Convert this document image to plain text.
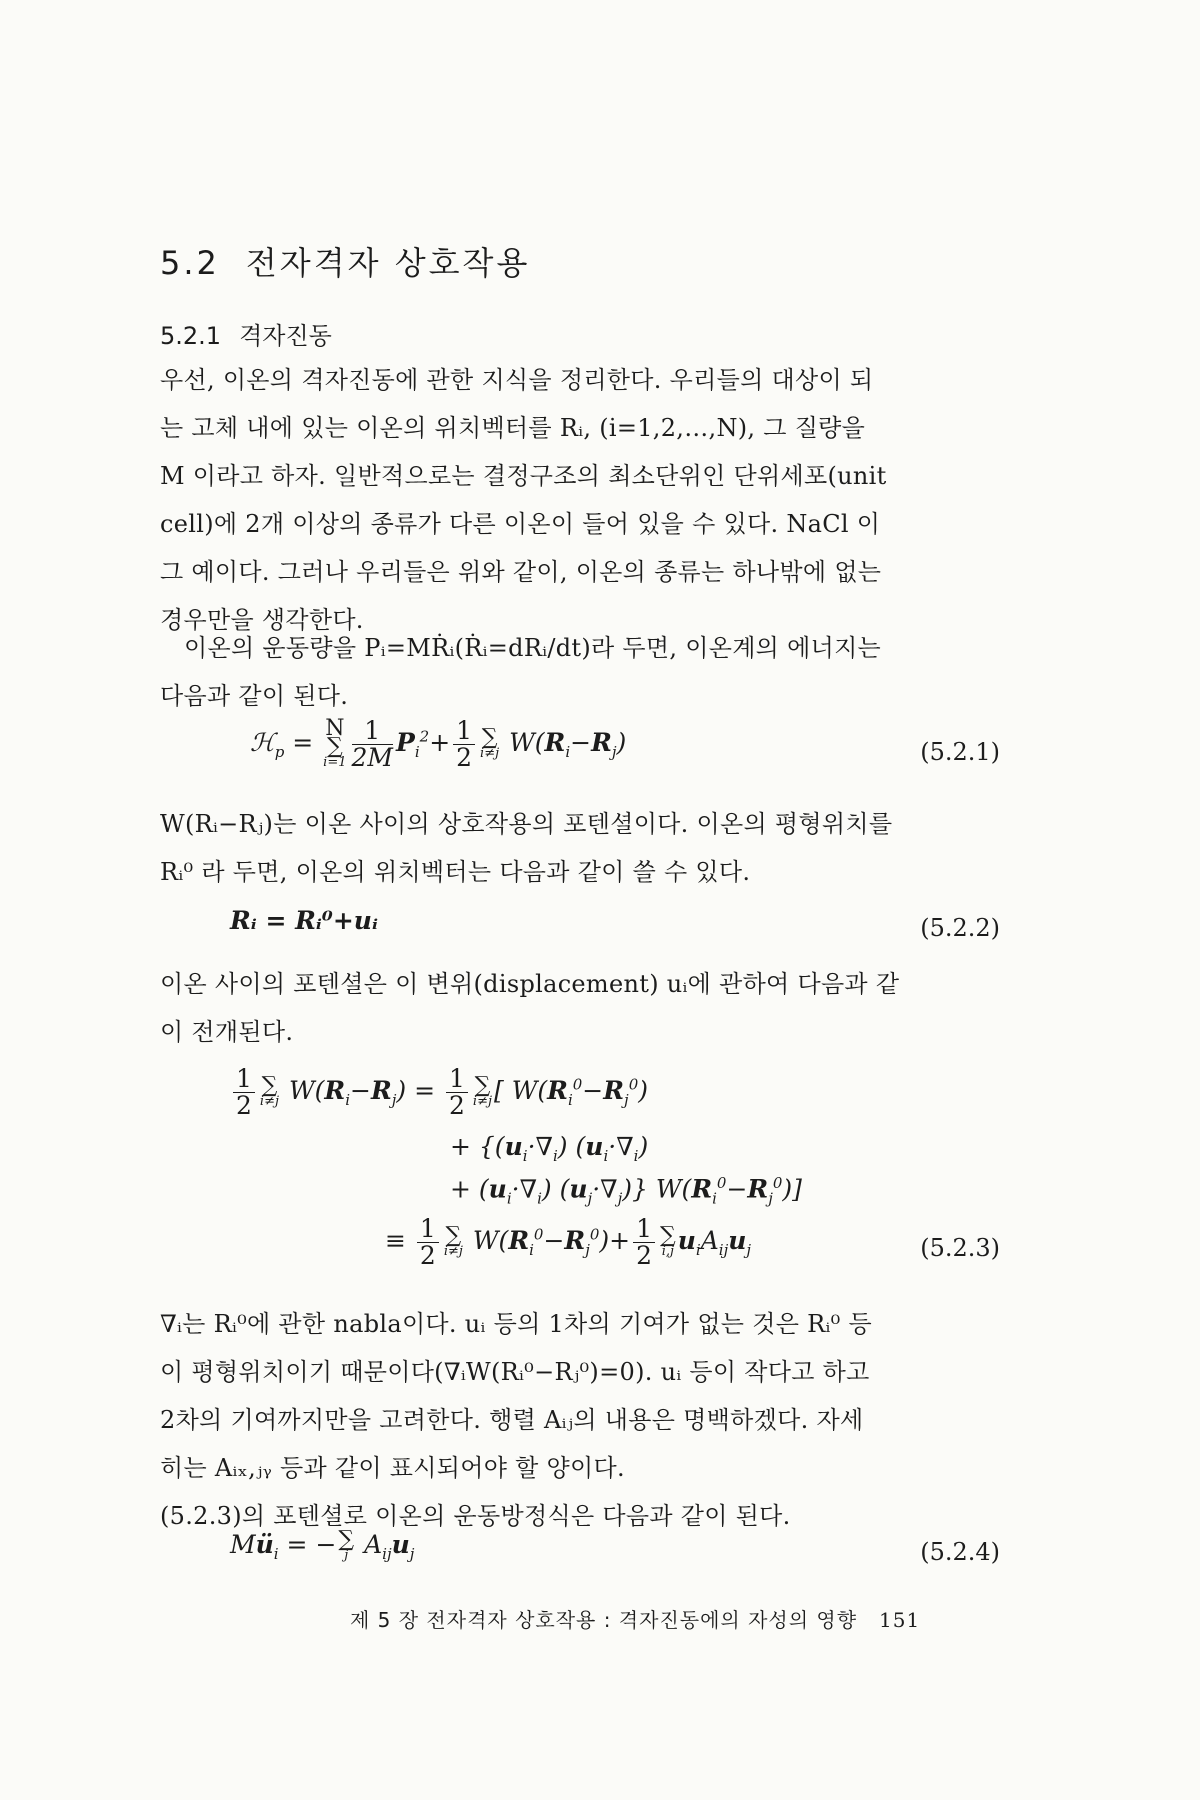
5.2 전자격자 상호작용
5.2.1 격자진동
우선, 이온의 격자진동에 관한 지식을 정리한다. 우리들의 대상이 되
는 고체 내에 있는 이온의 위치벡터를 Rᵢ, (i=1,2,…,N), 그 질량을
M 이라고 하자. 일반적으로는 결정구조의 최소단위인 단위세포(unit
cell)에 2개 이상의 종류가 다른 이온이 들어 있을 수 있다. NaCl 이
그 예이다. 그러나 우리들은 위와 같이, 이온의 종류는 하나밖에 없는
경우만을 생각한다.
이온의 운동량을 Pᵢ=MṘᵢ(Ṙᵢ=dRᵢ/dt)라 두면, 이온계의 에너지는
다음과 같이 된다.
ℋ$_p$ = N
∑
$i=1 \frac{1}{2M} P_i^2+ \frac{1}{2}$ ∑
i≠j $W(R_i-R_j)$	(5.2.1)
W(Rᵢ−Rⱼ)는 이온 사이의 상호작용의 포텐셜이다. 이온의 평형위치를
Rᵢ⁰ 라 두면, 이온의 위치벡터는 다음과 같이 쓸 수 있다.
Rᵢ = Rᵢ⁰+uᵢ	(5.2.2)
이온 사이의 포텐셜은 이 변위(displacement) uᵢ에 관하여 다음과 같
이 전개된다.
$\frac{1}{2}$ ∑
i≠j $W(R_i-R_j) = \frac{1}{2}$ ∑
i≠j [ $W(R_i^0-R_j^0)$
+ {$(u_i\cdot\nabla_i)$ $(u_i\cdot\nabla_i)$
+ $(u_i\cdot\nabla_i)$ $(u_j\cdot\nabla_j)$} $W(R_i^0-R_j^0)$]
≡ $\frac{1}{2}$ ∑
i≠j $W(R_i^0-R_j^0)+ \frac{1}{2}$ ∑
i,j $u_iA_{ij}u_j$	(5.2.3)
∇ᵢ는 Rᵢ⁰에 관한 nabla이다. uᵢ 등의 1차의 기여가 없는 것은 Rᵢ⁰ 등
이 평형위치이기 때문이다(∇ᵢW(Rᵢ⁰−Rⱼ⁰)=0). uᵢ 등이 작다고 하고
2차의 기여까지만을 고려한다. 행렬 Aᵢⱼ의 내용은 명백하겠다. 자세
히는 Aᵢₓ,ⱼᵧ 등과 같이 표시되어야 할 양이다.
(5.2.3)의 포텐셜로 이온의 운동방정식은 다음과 같이 된다.
$Mü_i$ = −∑
j $A_{ij}u_j$	(5.2.4)
제 5 장 전자격자 상호작용 : 격자진동에의 자성의 영향 151
